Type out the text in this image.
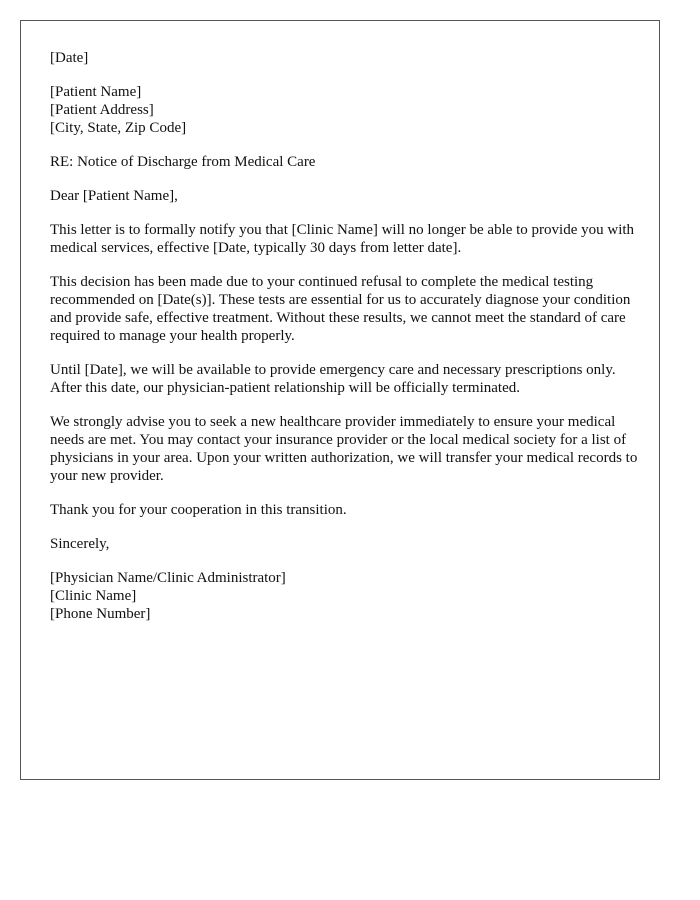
[Date]
[Patient Name]
[Patient Address]
[City, State, Zip Code]
RE: Notice of Discharge from Medical Care
Dear [Patient Name],

This letter is to formally notify you that [Clinic Name] will no longer be able to provide you with medical services, effective [Date, typically 30 days from letter date].

This decision has been made due to your continued refusal to complete the medical testing recommended on [Date(s)]. These tests are essential for us to accurately diagnose your condition and provide safe, effective treatment. Without these results, we cannot meet the standard of care required to manage your health properly.

Until [Date], we will be available to provide emergency care and necessary prescriptions only. After this date, our physician-patient relationship will be officially terminated.

We strongly advise you to seek a new healthcare provider immediately to ensure your medical needs are met. You may contact your insurance provider or the local medical society for a list of physicians in your area. Upon your written authorization, we will transfer your medical records to your new provider.

Thank you for your cooperation in this transition.

Sincerely,
[Physician Name/Clinic Administrator]
[Clinic Name]
[Phone Number]
